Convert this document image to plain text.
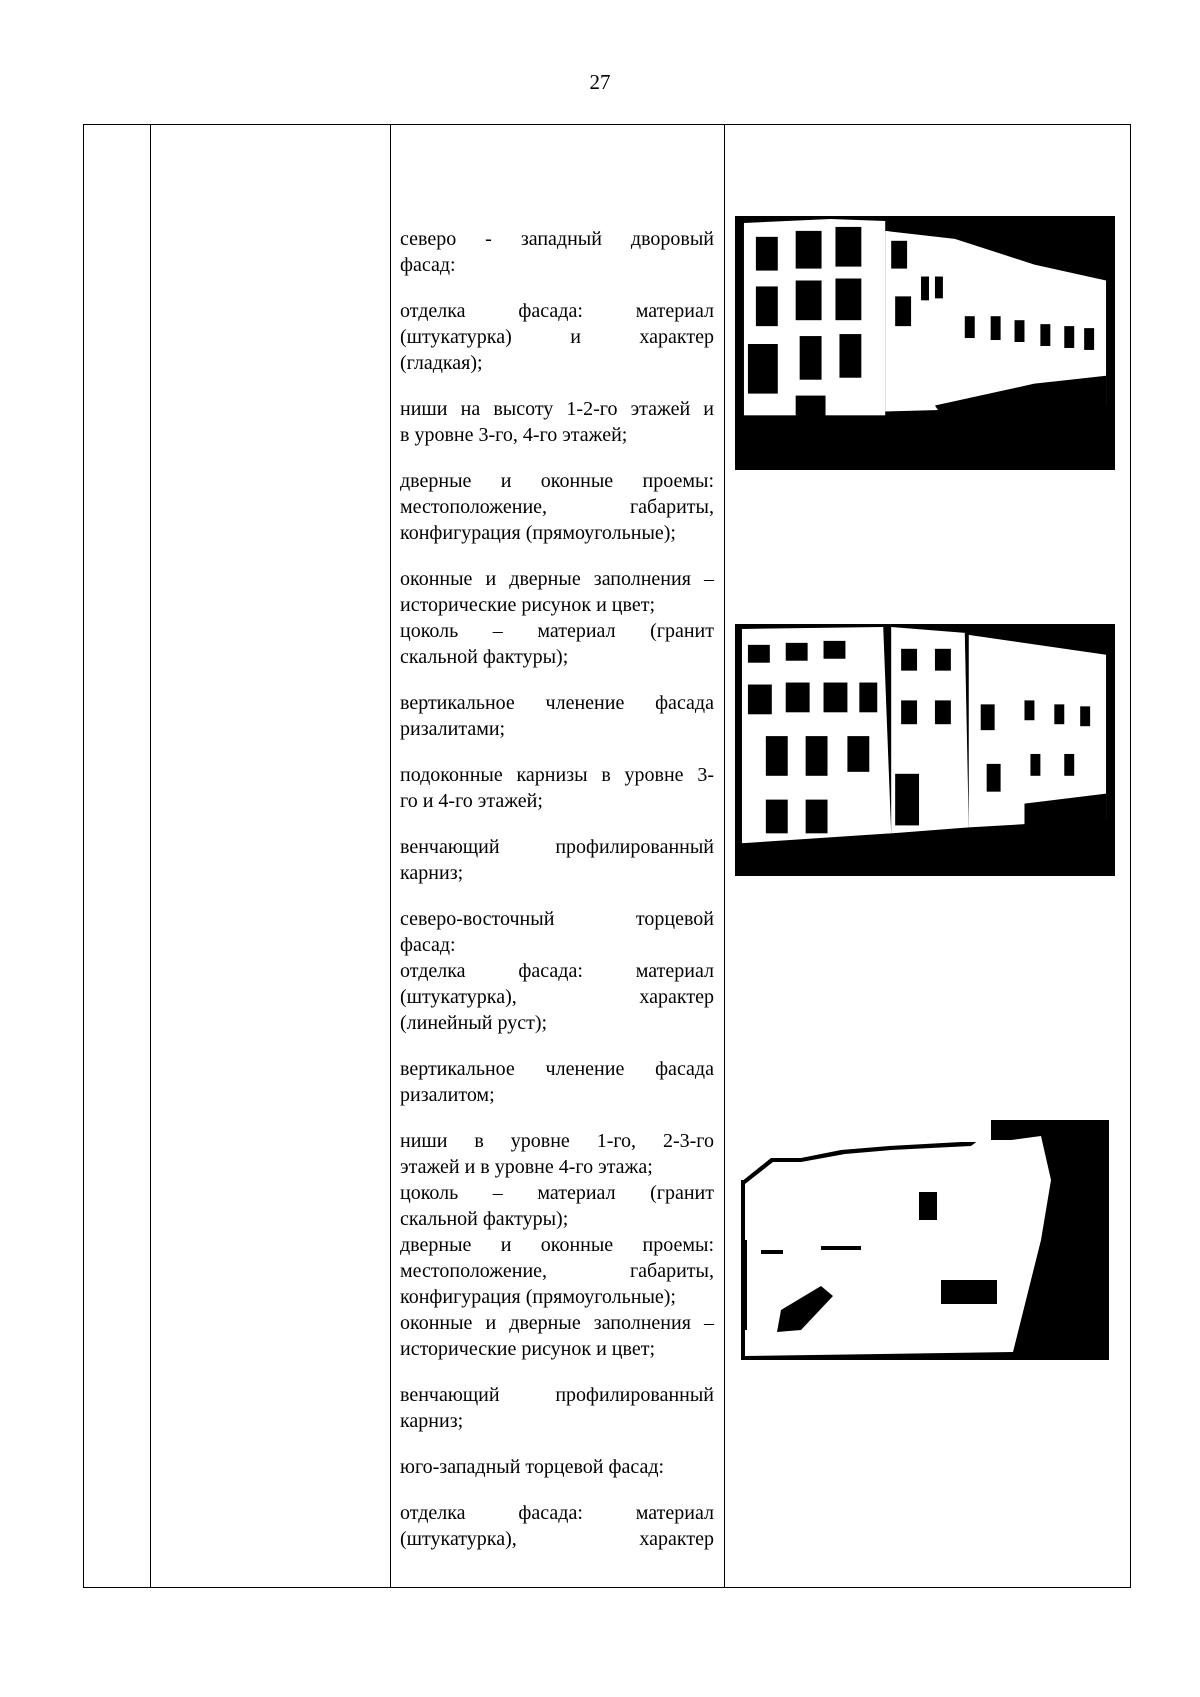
27
северо - западный дворовый
фасад:
отделка фасада: материал
(штукатурка) и характер
(гладкая);
ниши на высоту 1-2-го этажей и
в уровне 3-го, 4-го этажей;
дверные и оконные проемы:
местоположение, габариты,
конфигурация (прямоугольные);
оконные и дверные заполнения –
исторические рисунок и цвет;
цоколь – материал (гранит
скальной фактуры);
вертикальное членение фасада
ризалитами;
подоконные карнизы в уровне 3-
го и 4-го этажей;
венчающий профилированный
карниз;
северо-восточный торцевой
фасад:
отделка фасада: материал
(штукатурка), характер
(линейный руст);
вертикальное членение фасада
ризалитом;
ниши в уровне 1-го, 2-3-го
этажей и в уровне 4-го этажа;
цоколь – материал (гранит
скальной фактуры);
дверные и оконные проемы:
местоположение, габариты,
конфигурация (прямоугольные);
оконные и дверные заполнения –
исторические рисунок и цвет;
венчающий профилированный
карниз;
юго-западный торцевой фасад:
отделка фасада: материал
(штукатурка), характер
